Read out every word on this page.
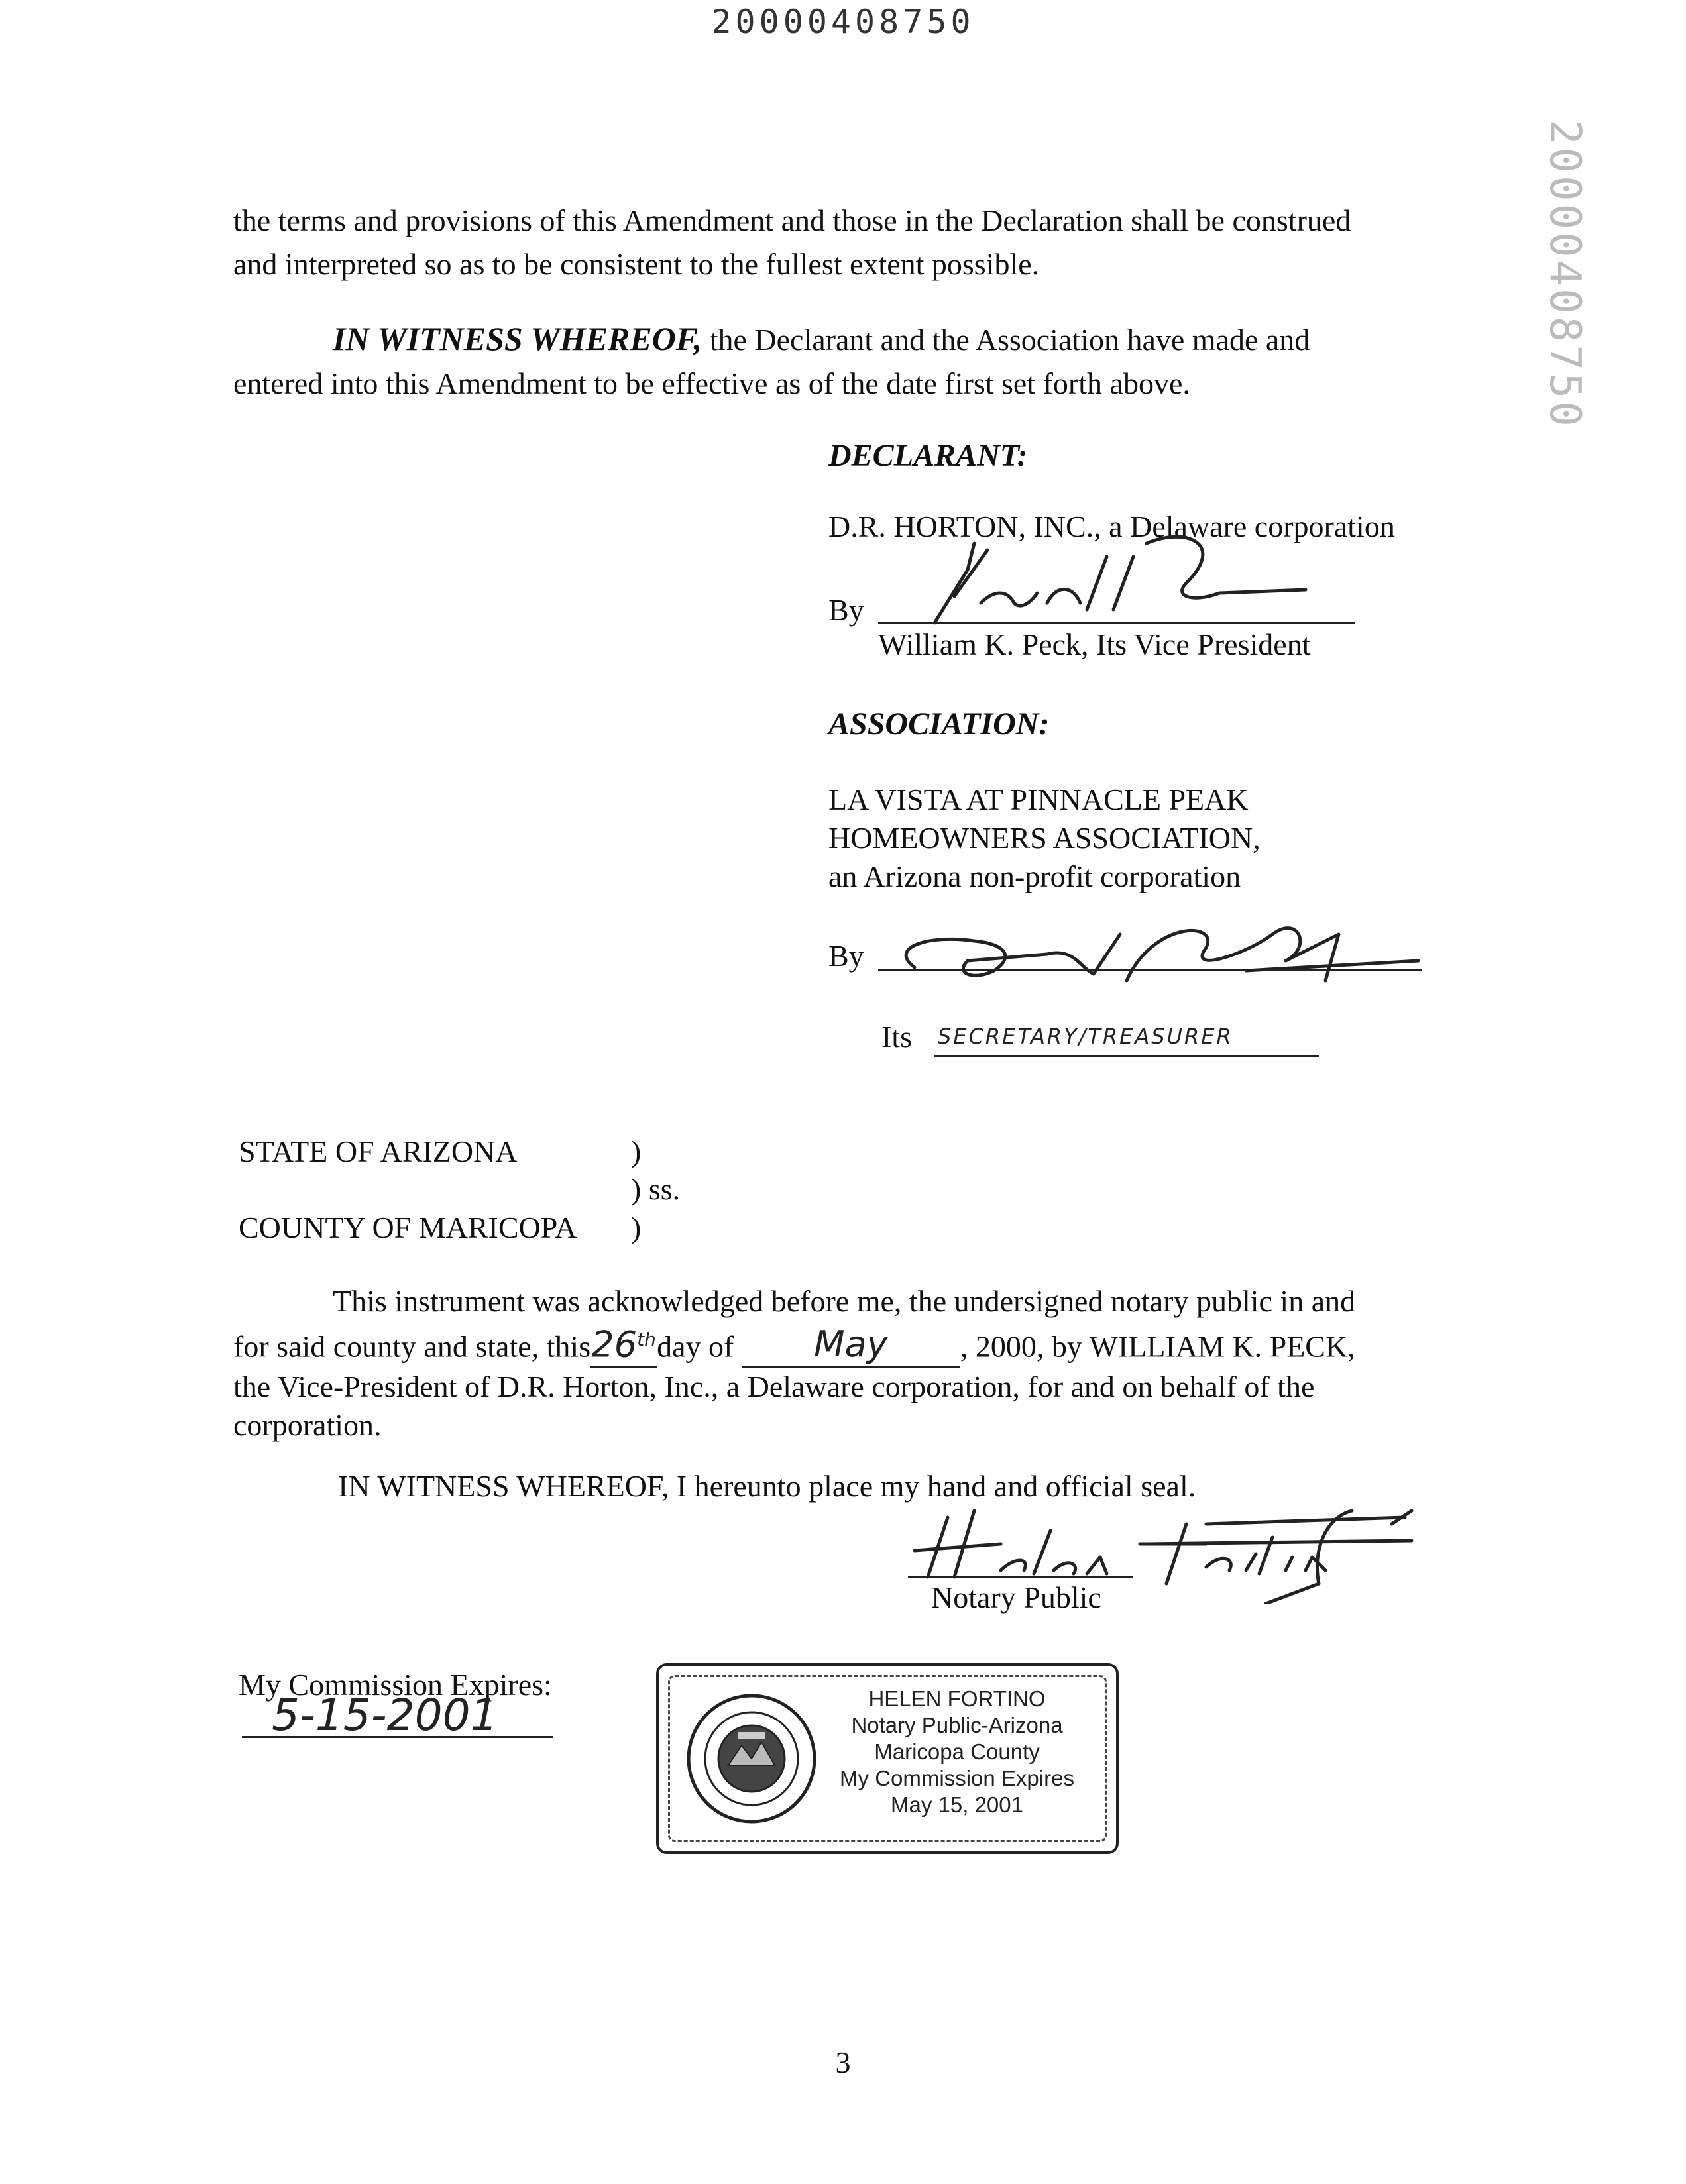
20000408750
20000408750
the terms and provisions of this Amendment and those in the Declaration shall be construed
and interpreted so as to be consistent to the fullest extent possible.
IN WITNESS WHEREOF, the Declarant and the Association have made and
entered into this Amendment to be effective as of the date first set forth above.
DECLARANT:
D.R. HORTON, INC., a Delaware corporation
By
William K. Peck, Its Vice President
ASSOCIATION:
LA VISTA AT PINNACLE PEAK
HOMEOWNERS ASSOCIATION,
an Arizona non-profit corporation
By
Its SECRETARY/TREASURER
STATE OF ARIZONA	)
) ss.
COUNTY OF MARICOPA )
This instrument was acknowledged before me, the undersigned notary public in and
for said county and state, this26thday of May , 2000, by WILLIAM K. PECK,
the Vice-President of D.R. Horton, Inc., a Delaware corporation, for and on behalf of the
corporation.
IN WITNESS WHEREOF, I hereunto place my hand and official seal.
Notary Public
My Commission Expires:
5-15-2001	HELEN FORTINO
Notary Public-Arizona
Maricopa County
My Commission Expires
May 15, 2001
3
